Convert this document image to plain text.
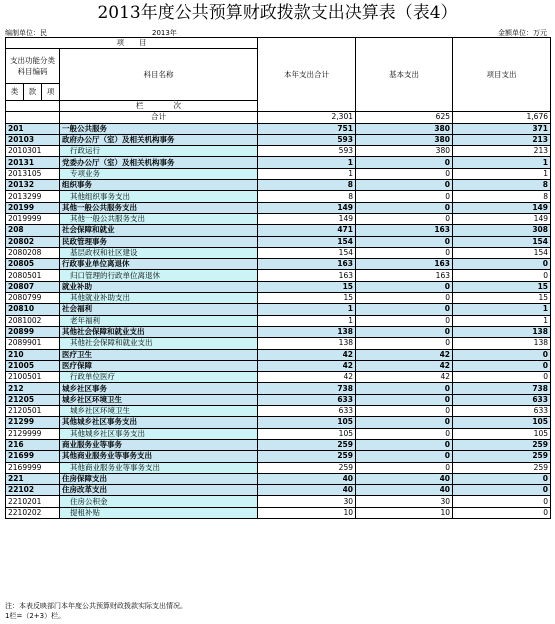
2013年度公共预算财政拨款支出决算表（表4）
编制单位：民	2013年	金额单位：万元
项　　目				本年支出合计	基本支出	项目支出	
支出功能分类科目编码			科目名称				
类	款	项					
			栏　　　　次			
			合计	2,301	625	1,676	
201			一般公共服务	751	380	371	
20103			政府办公厅（室）及相关机构事务	593	380	213	
2010301			行政运行	593	380	213	
20131			党委办公厅（室）及相关机构事务	1	0	1	
2013105			专项业务	1	0	1	
20132			组织事务	8	0	8	
2013299			其他组织事务支出	8	0	8	
20199			其他一般公共服务支出	149	0	149	
2019999			其他一般公共服务支出	149	0	149	
208			社会保障和就业	471	163	308	
20802			民政管理事务	154	0	154	
2080208			基层政权和社区建设	154	0	154	
20805			行政事业单位离退休	163	163	0	
2080501			归口管理的行政单位离退休	163	163	0	
20807			就业补助	15	0	15	
2080799			其他就业补助支出	15	0	15	
20810			社会福利	1	0	1	
2081002			老年福利	1	0	1	
20899			其他社会保障和就业支出	138	0	138	
2089901			其他社会保障和就业支出	138	0	138	
210			医疗卫生	42	42	0	
21005			医疗保障	42	42	0	
2100501			行政单位医疗	42	42	0	
212			城乡社区事务	738	0	738	
21205			城乡社区环境卫生	633	0	633	
2120501			城乡社区环境卫生	633	0	633	
21299			其他城乡社区事务支出	105	0	105	
2129999			其他城乡社区事务支出	105	0	105	
216			商业服务业等事务	259	0	259	
21699			其他商业服务业等事务支出	259	0	259	
2169999			其他商业服务业等事务支出	259	0	259	
221			住房保障支出	40	40	0	
22102			住房改革支出	40	40	0	
2210201			住房公积金	30	30	0	
2210202			提租补贴	10	10	0	
注：本表反映部门本年度公共预算财政拨款实际支出情况。
1栏=（2+3）栏。
